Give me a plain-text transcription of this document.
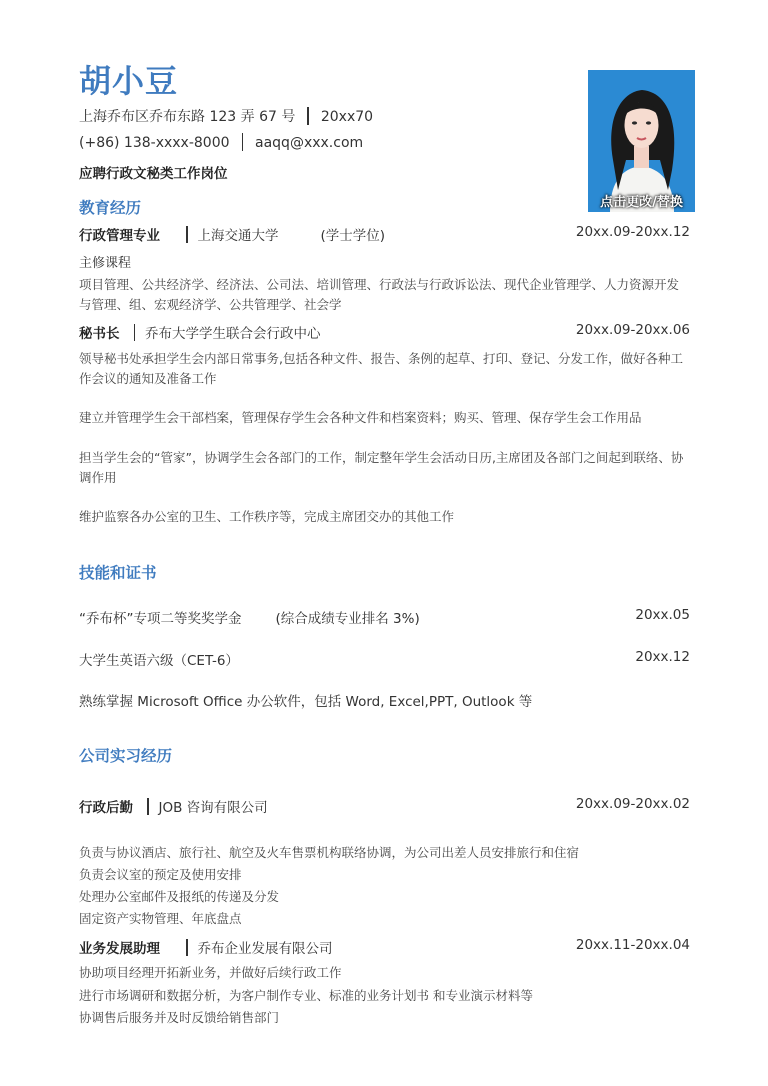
胡小豆
上海乔布区乔布东路 123 弄 67 号 20xx70
(+86) 138-xxxx-8000 aaqq@xxx.com
应聘行政文秘类工作岗位
点击更改/替换
教育经历
行政管理专业	上海交通大学	(学士学位)	20xx.09-20xx.12
主修课程
项目管理、公共经济学、经济法、公司法、培训管理、行政法与行政诉讼法、现代企业管理学、人力资源开发与管理、组、宏观经济学、公共管理学、社会学
秘书长 乔布大学学生联合会行政中心	20xx.09-20xx.06
领导秘书处承担学生会内部日常事务,包括各种文件、报告、条例的起草、打印、登记、分发工作，做好各种工作会议的通知及准备工作
建立并管理学生会干部档案，管理保存学生会各种文件和档案资料；购买、管理、保存学生会工作用品
担当学生会的“管家”，协调学生会各部门的工作，制定整年学生会活动日历,主席团及各部门之间起到联络、协调作用
维护监察各办公室的卫生、工作秩序等，完成主席团交办的其他工作
技能和证书
“乔布杯”专项二等奖奖学金	(综合成绩专业排名 3%)	20xx.05
大学生英语六级（CET-6）	20xx.12
熟练掌握 Microsoft Office 办公软件，包括 Word, Excel,PPT, Outlook 等
公司实习经历
行政后勤 JOB 咨询有限公司	20xx.09-20xx.02
负责与协议酒店、旅行社、航空及火车售票机构联络协调，为公司出差人员安排旅行和住宿
负责会议室的预定及使用安排
处理办公室邮件及报纸的传递及分发
固定资产实物管理、年底盘点
业务发展助理	乔布企业发展有限公司	20xx.11-20xx.04
协助项目经理开拓新业务，并做好后续行政工作
进行市场调研和数据分析，为客户制作专业、标准的业务计划书 和专业演示材料等
协调售后服务并及时反馈给销售部门
